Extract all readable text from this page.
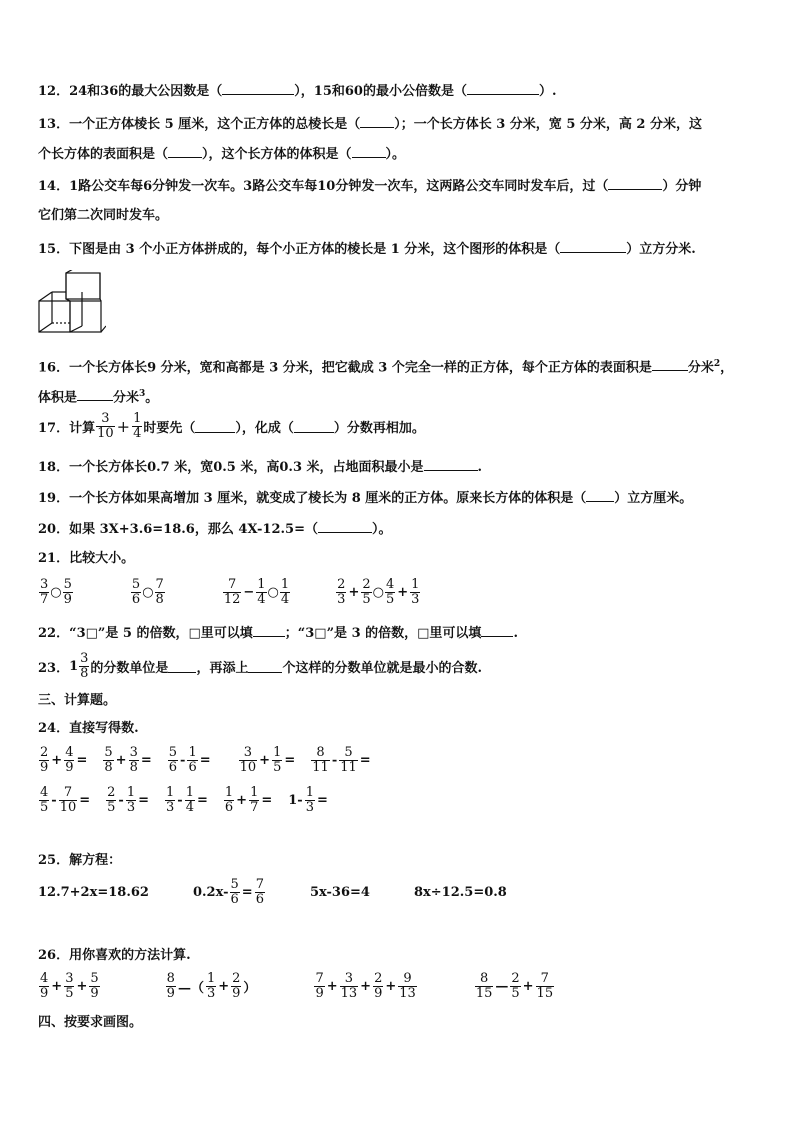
12．24和36的最大公因数是（	），15和60的最小公倍数是（	）.
13．一个正方体棱长 5 厘米，这个正方体的总棱长是（	）；一个长方体长 3 分米，宽 5 分米，高 2 分米，这
个长方体的表面积是（	），这个长方体的体积是（	）。
14．1路公交车每6分钟发一次车。3路公交车每10分钟发一次车，这两路公交车同时发车后，过（	）分钟
它们第二次同时发车。
15．下图是由 3 个小正方体拼成的，每个小正方体的棱长是 1 分米，这个图形的体积是（	）立方分米.
16．一个长方体长9 分米，宽和高都是 3 分米，把它截成 3 个完全一样的正方体，每个正方体的表面积是	分米$^2$，
体积是	分米$^3$。
17． 计算 $\frac{3}{10} + \frac{1}{4}$ 时要先（	），化成（	）分数再相加。
18．一个长方体长0.7 米，宽0.5 米，高0.3 米，占地面积最小是	.
19．一个长方体如果高增加 3 厘米，就变成了棱长为 8 厘米的正方体。原来长方体的体积是（ ）立方厘米。
20．如果 3X+3.6=18.6，那么 4X-12.5=（	）。
21．比较大小。
$\frac{3}{7}$ ○ $\frac{5}{9}$	$\frac{5}{6}$ ○ $\frac{7}{8}$	$\frac{7}{12} - \frac{1}{4}$ ○ $\frac{1}{4}$	$\frac{2}{3} + \frac{2}{5}$ ○ $\frac{4}{5} + \frac{1}{3}$
22．“3□”是 5 的倍数，□里可以填 ；“3□”是 3 的倍数，□里可以填 .
23． $1 \frac{3}{8}$ 的分数单位是 ，再添上	个这样的分数单位就是最小的合数.
三、计算题。
24．直接写得数.
$\frac{2}{9} + \frac{4}{9} = \frac{5}{8} + \frac{3}{8} = \frac{5}{6} - \frac{1}{6} = \frac{3}{10} + \frac{1}{5} = \frac{8}{11} - \frac{5}{11}$ =
$\frac{4}{5} - \frac{7}{10} = \frac{2}{5} - \frac{1}{3} = \frac{1}{3} - \frac{1}{4} = \frac{1}{6} + \frac{1}{7} = 1- \frac{1}{3}$ =
25．解方程：
12.7+2x=18.62	$0.2x- \frac{5}{6} = \frac{7}{6}$	5x-36=4	8x÷12.5=0.8
26．用你喜欢的方法计算.
$\frac{4}{9} + \frac{3}{5} + \frac{5}{9}$	$\frac{8}{9}$ —（ $\frac{1}{3} + \frac{2}{9}$ ）	$\frac{7}{9} + \frac{3}{13} + \frac{2}{9} + \frac{9}{13}$	$\frac{8}{15}$ — $\frac{2}{5} + \frac{7}{15}$
四、按要求画图。
